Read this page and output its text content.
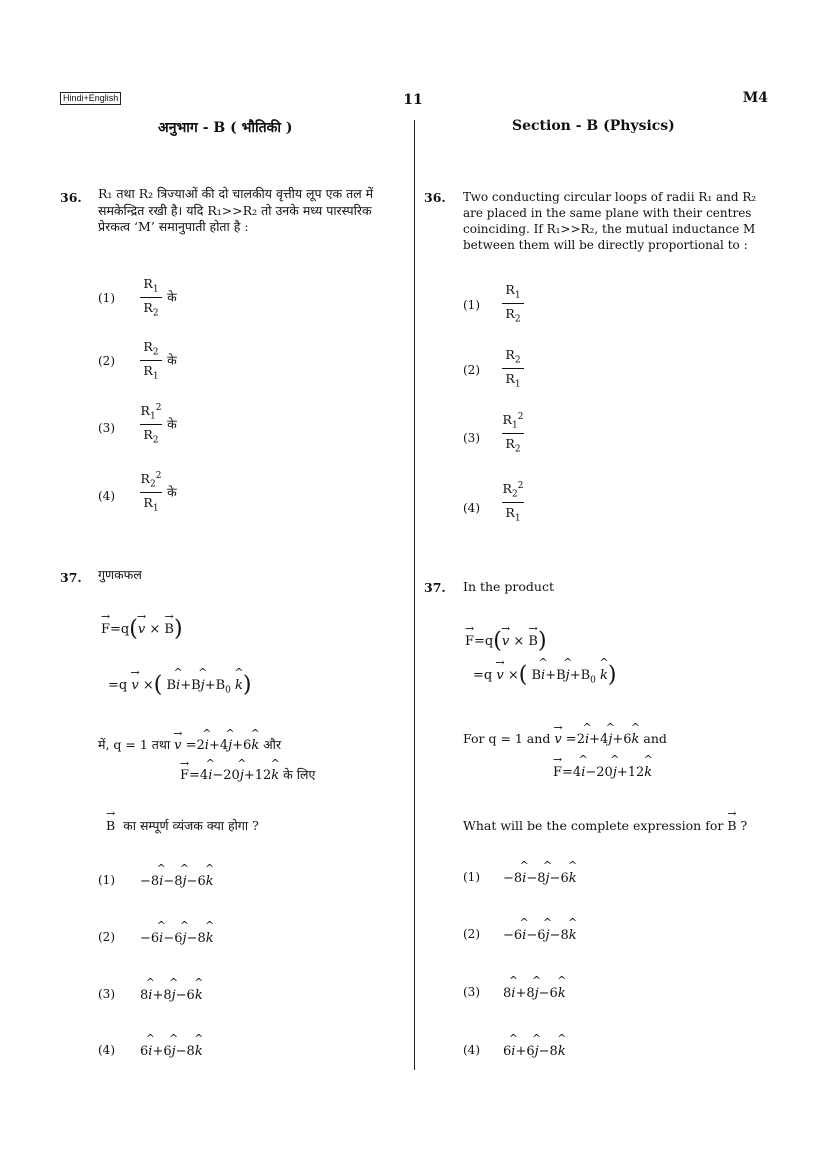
Hindi+English	11	M4
अनुभाग - B ( भौतिकी )	Section - B (Physics)
36. R₁ तथा R₂ त्रिज्याओं की दो चालकीय वृत्तीय लूप एक तल में समकेन्द्रित रखी है। यदि R₁>>R₂ तो उनके मध्य पारस्परिक प्रेरकत्व ‘M’ समानुपाती होता है :
$(1) \frac{R_1}{R_2}$ के
$(2) \frac{R_2}{R_1}$ के
$(3) \frac{R_1^2}{R_2}$ के
$(4) \frac{R_2^2}{R_1}$ के
37. गुणकफल
→ F=q(→ v × → B)
=q → v ×( B^ i+B^ $j+B_0$ ^ k)
में, q = 1 तथा → v =2^ i+4^ j+6^ k और
→ F=4^ i−20^ j+12^ k के लिए
→ B का सम्पूर्ण व्यंजक क्या होगा ?
(1) −8^ i−8^ j−6^ k
(2) −6^ i−6^ j−8^ k
(3) 8^ i+8^ j−6^ k
(4) 6^ i+6^ j−8^ k
36. Two conducting circular loops of radii R₁ and R₂ are placed in the same plane with their centres coinciding. If R₁>>R₂, the mutual inductance M between them will be directly proportional to :
$(1) \frac{R_1}{R_2}$
$(2) \frac{R_2}{R_1}$
$(3) \frac{R_1^2}{R_2}$
$(4) \frac{R_2^2}{R_1}$
37. In the product
→ F=q(→ v × → B)
=q → v ×( B^ i+B^ $j+B_0$ ^ k)
For q = 1 and → v =2^ i+4^ j+6^ k and
→ F=4^ i−20^ j+12^ k
What will be the complete expression for → B ?
(1) −8^ i−8^ j−6^ k
(2) −6^ i−6^ j−8^ k
(3) 8^ i+8^ j−6^ k
(4) 6^ i+6^ j−8^ k
